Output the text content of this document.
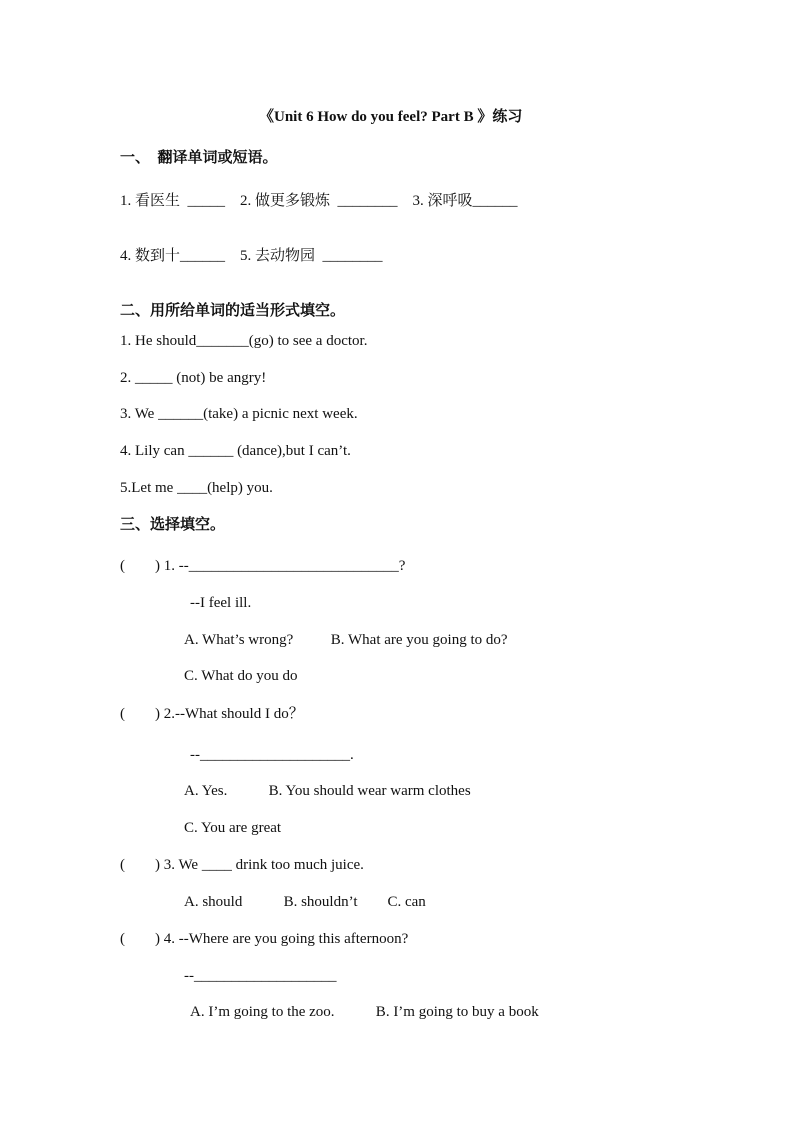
《Unit 6 How do you feel? Part B 》练习
一、  翻译单词或短语。
1. 看医生  _____    2. 做更多锻炼  ________    3. 深呼吸______
4. 数到十______    5. 去动物园  ________
二、用所给单词的适当形式填空。
1. He should_______(go) to see a doctor.
2. _____ (not) be angry!
3. We ______(take) a picnic next week.
4. Lily can ______ (dance),but I can’t.
5.Let me ____(help) you.
三、选择填空。
(        ) 1. --____________________________?
--I feel ill.
A. What’s wrong?          B. What are you going to do?
C. What do you do
(        ) 2.--What should I do？
--____________________.
A. Yes.           B. You should wear warm clothes
C. You are great
(        ) 3. We ____ drink too much juice.
A. should           B. shouldn’t        C. can
(        ) 4. --Where are you going this afternoon?
--___________________
A. I’m going to the zoo.           B. I’m going to buy a book
